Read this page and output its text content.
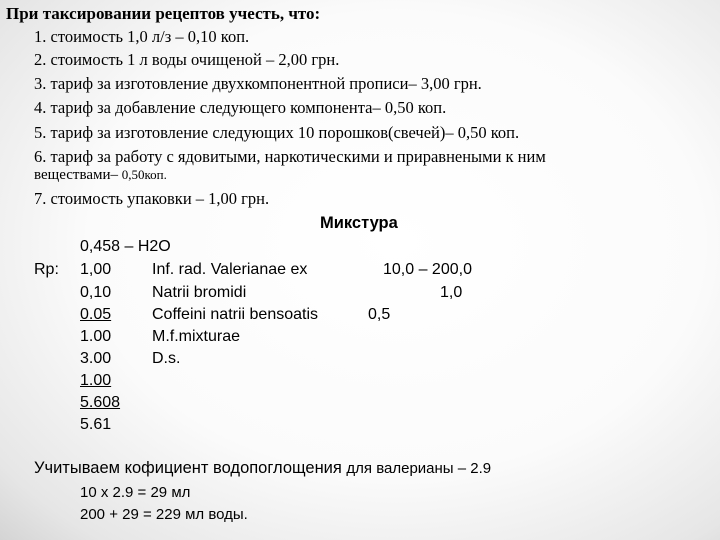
При таксировании рецептов учесть, что:
1. стоимость 1,0 л/з – 0,10 коп.
2. стоимость 1 л воды очищеной – 2,00 грн.
3. тариф за изготовление двухкомпонентной прописи– 3,00 грн.
4. тариф за добавление следующего компонента– 0,50 коп.
5. тариф за изготовление следующих 10 порошков(свечей)– 0,50 коп.
6. тариф за работу с ядовитыми, наркотическими и приравнеными к ним
веществами– 0,50коп.
7. стоимость упаковки – 1,00 грн.
Микстура
Rp:
0,458 – H2O
1,00
0,10
0.05
1.00
3.00
1.00
5.608
5.61
Inf. rad. Valerianae ex
Natrii bromidi
Coffeini natrii bensoatis
M.f.mixturae
D.s.
10,0 – 200,0
1,0
0,5
Учитываем кофициент водопоглощения для валерианы – 2.9
10 х 2.9 = 29 мл
200 + 29 = 229 мл воды.
